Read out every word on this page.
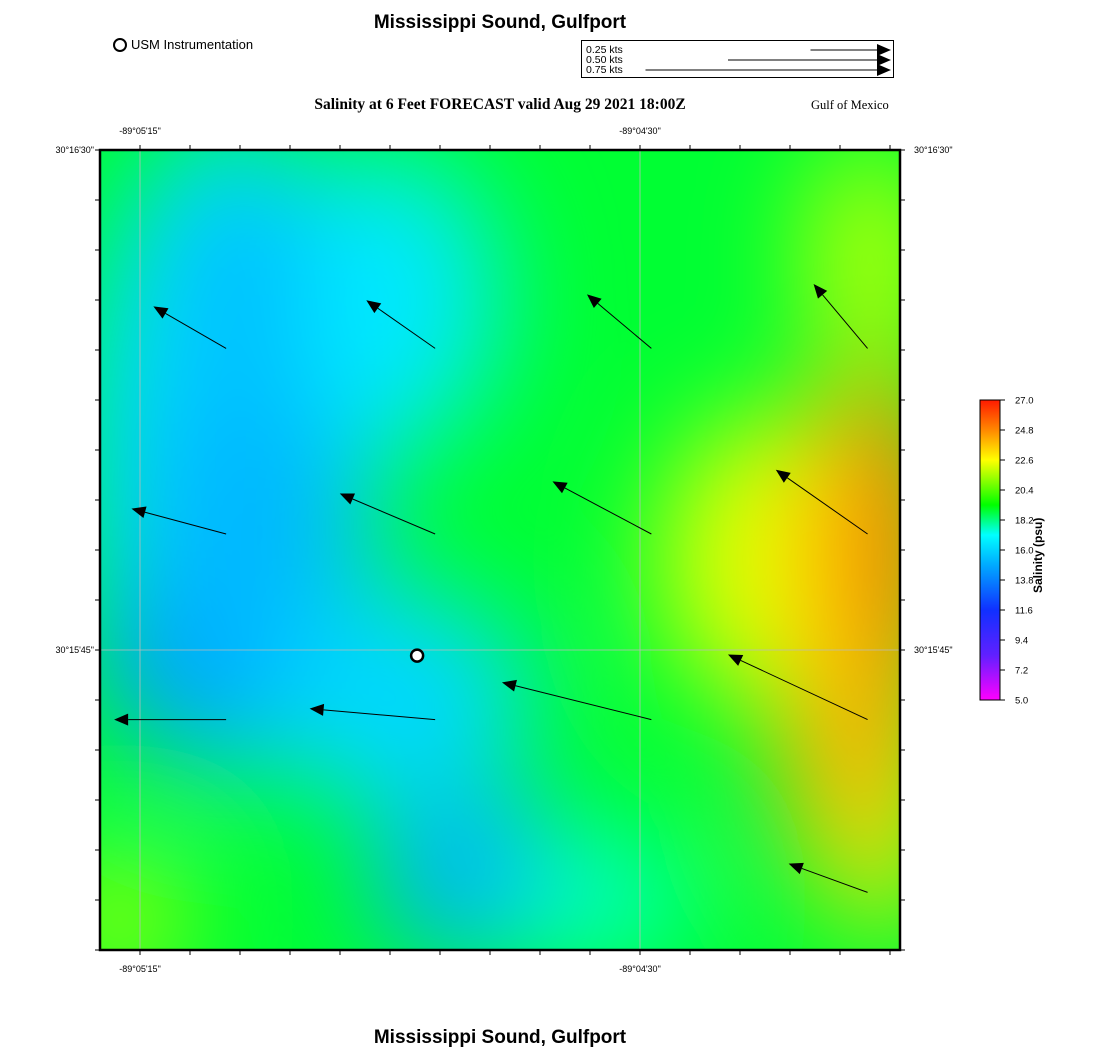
Mississippi Sound, Gulfport
USM Instrumentation	0.25 kts
0.50 kts
0.75 kts
Salinity at 6 Feet FORECAST valid Aug 29 2021 18:00Z	Gulf of Mexico
-89°05'15"	-89°04'30"
-89°05'15"	-89°04'30"
30°16'30"
30°15'45"
30°16'30"
30°15'45"
27.0
24.8
22.6
20.4
18.2
16.0
13.8
11.6
9.4
7.2
5.0
Salinity (psu)
Mississippi Sound, Gulfport
